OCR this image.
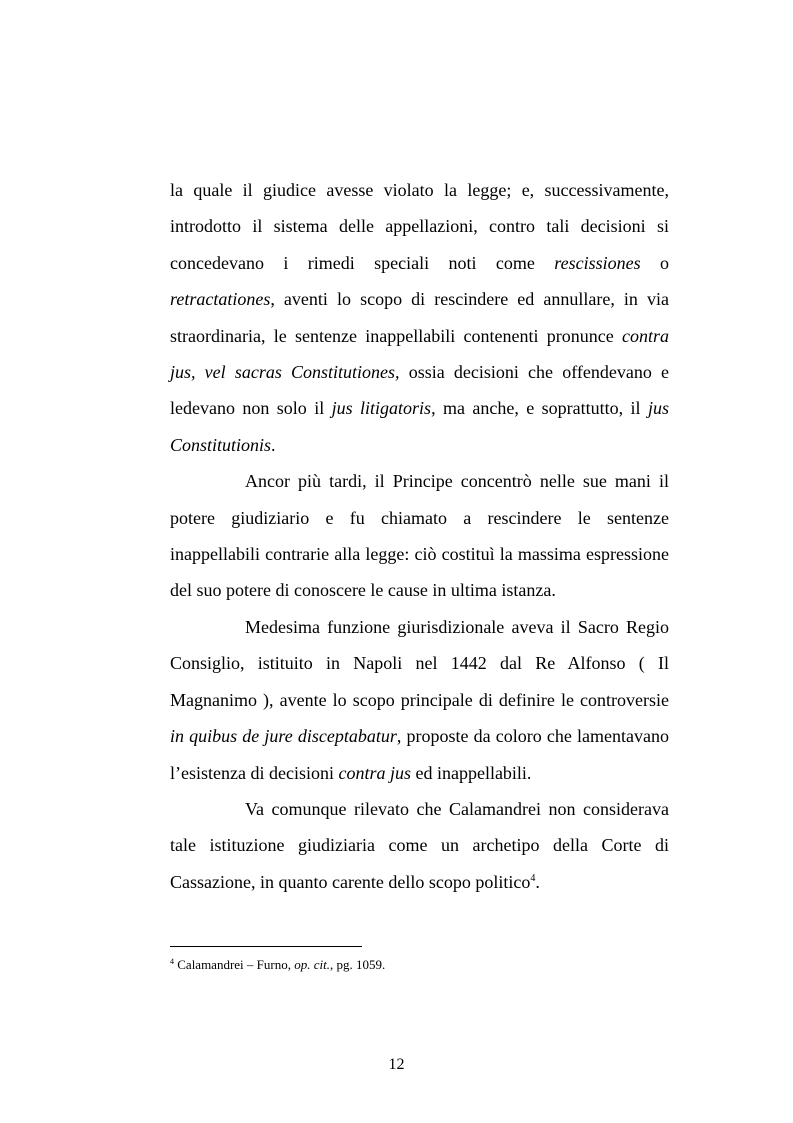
la quale il giudice avesse violato la legge; e, successivamente, introdotto il sistema delle appellazioni, contro tali decisioni si concedevano i rimedi speciali noti come rescissiones o retractationes, aventi lo scopo di rescindere ed annullare, in via straordinaria, le sentenze inappellabili contenenti pronunce contra jus, vel sacras Constitutiones, ossia decisioni che offendevano e ledevano non solo il jus litigatoris, ma anche, e soprattutto, il jus Constitutionis.

Ancor più tardi, il Principe concentrò nelle sue mani il potere giudiziario e fu chiamato a rescindere le sentenze inappellabili contrarie alla legge: ciò costituì la massima espressione del suo potere di conoscere le cause in ultima istanza.

Medesima funzione giurisdizionale aveva il Sacro Regio Consiglio, istituito in Napoli nel 1442 dal Re Alfonso ( Il Magnanimo ), avente lo scopo principale di definire le controversie in quibus de jure disceptabatur, proposte da coloro che lamentavano l’esistenza di decisioni contra jus ed inappellabili.

Va comunque rilevato che Calamandrei non considerava tale istituzione giudiziaria come un archetipo della Corte di Cassazione, in quanto carente dello scopo politico$^4$.

$^4$ Calamandrei – Furno, op. cit., pg. 1059.
12
